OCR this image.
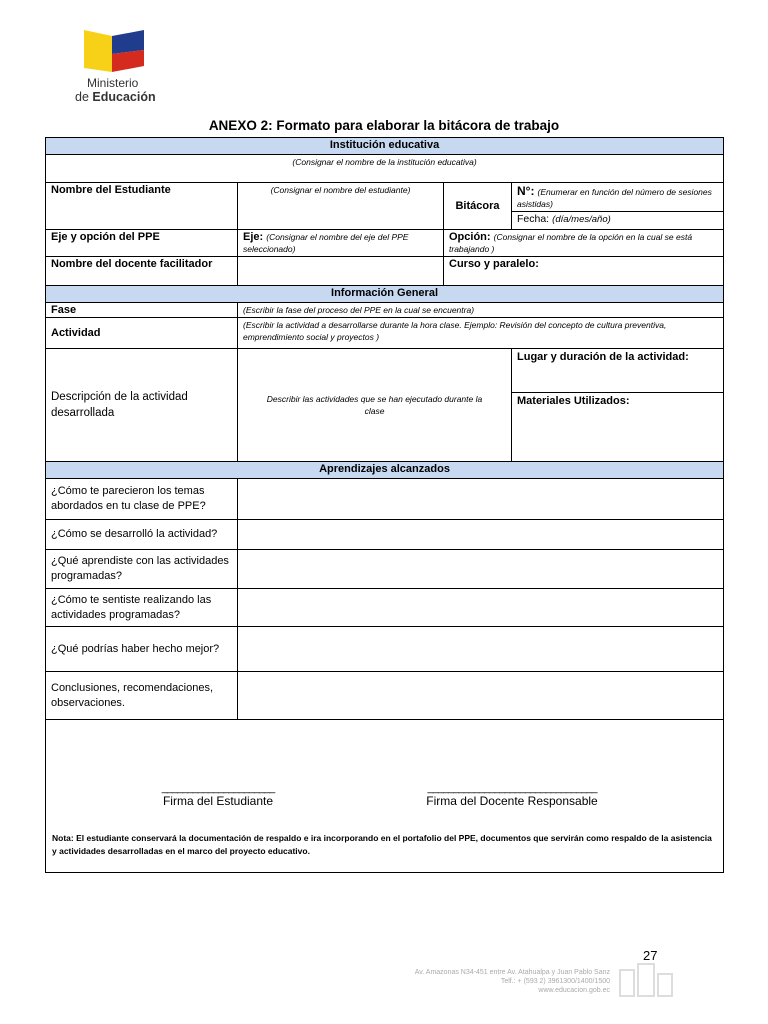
Ministerio
de Educación
ANEXO 2: Formato para elaborar la bitácora de trabajo
Institución educativa			
(Consignar el nombre de la institución educativa)			
Nombre del Estudiante	(Consignar el nombre del estudiante)	Bitácora	N°: (Enumerar en función del número de sesiones asistidas)
			Fecha: (día/mes/año)
Eje y opción del PPE	Eje: (Consignar el nombre del eje del PPE seleccionado)	Opción: (Consignar el nombre de la opción en la cual se está trabajando )	
Nombre del docente facilitador		Curso y paralelo:	
Información General			
Fase	(Escribir la fase del proceso del PPE en la cual se encuentra)		
Actividad	(Escribir la actividad a desarrollarse durante la hora clase. Ejemplo: Revisión del concepto de cultura preventiva, emprendimiento social y proyectos )		
Descripción de la actividad desarrollada	Describir las actividades que se han ejecutado durante la clase		Lugar y duración de la actividad:
Materiales Utilizados:

Aprendizajes alcanzados			
¿Cómo te parecieron los temas abordados en tu clase de PPE?			
¿Cómo se desarrolló la actividad?			
¿Qué aprendiste con las actividades programadas?			
¿Cómo te sentiste realizando las actividades programadas?			
¿Qué podrías haber hecho mejor?			
Conclusiones, recomendaciones, observaciones.			

______________________
Firma del Estudiante
_________________________________
Firma del Docente Responsable
Nota: El estudiante conservará la documentación de respaldo e ira incorporando en el portafolio del PPE, documentos que servirán como respaldo de la asistencia y actividades desarrolladas en el marco del proyecto educativo.			
27
Av. Amazonas N34-451 entre Av. Atahualpa y Juan Pablo Sanz
Telf.: + (593 2) 3961300/1400/1500
www.educacion.gob.ec
